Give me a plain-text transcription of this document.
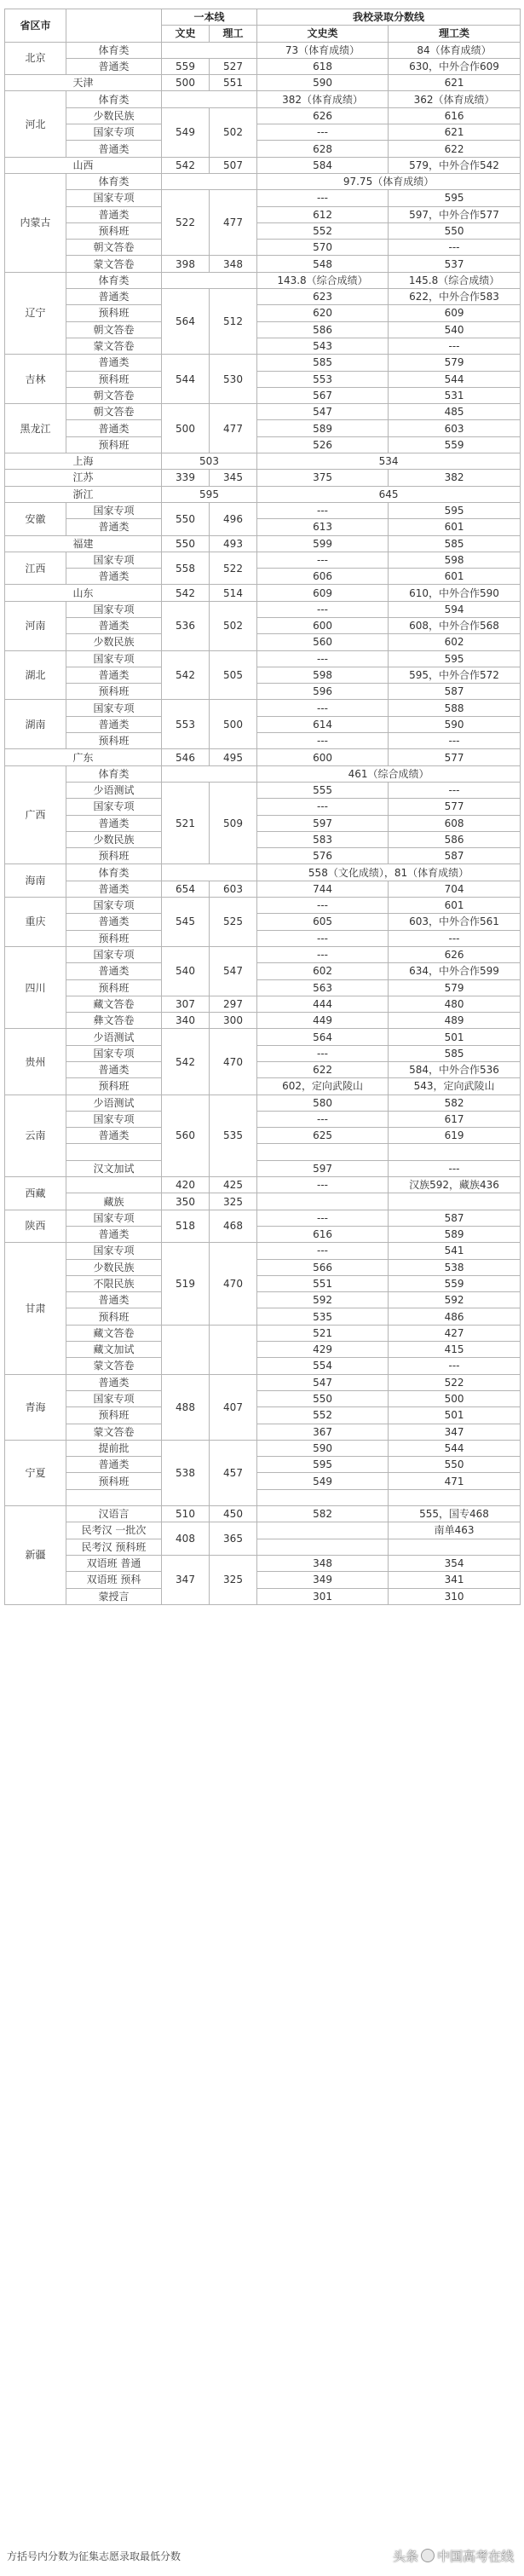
省区市		一本线		我校录取分数线	
		文史	理工	文史类	理工类
北京	体育类			73（体育成绩）	84（体育成绩）
	普通类	559	527	618	630，中外合作609
天津		500	551	590	621
河北	体育类			382（体育成绩）	362（体育成绩）
	少数民族	549	502	626	616
	国家专项			---	621
	普通类			628	622
山西		542	507	584	579，中外合作542
内蒙古	体育类			97.75（体育成绩）	
	国家专项	522	477	---	595
	普通类			612	597，中外合作577
	预科班			552	550
	朝文答卷			570	---
	蒙文答卷	398	348	548	537
辽宁	体育类			143.8（综合成绩）	145.8（综合成绩）
	普通类	564	512	623	622，中外合作583
	预科班			620	609
	朝文答卷			586	540
	蒙文答卷			543	---
吉林	普通类	544	530	585	579
	预科班			553	544
	朝文答卷			567	531
黑龙江	朝文答卷	500	477	547	485
	普通类			589	603
	预科班			526	559
上海		503		534	
江苏		339	345	375	382
浙江		595		645	
安徽	国家专项	550	496	---	595
	普通类			613	601
福建		550	493	599	585
江西	国家专项	558	522	---	598
	普通类			606	601
山东		542	514	609	610，中外合作590
河南	国家专项	536	502	---	594
	普通类			600	608，中外合作568
	少数民族			560	602
湖北	国家专项	542	505	---	595
	普通类			598	595，中外合作572
	预科班			596	587
湖南	国家专项	553	500	---	588
	普通类			614	590
	预科班			---	---
广东		546	495	600	577
广西	体育类			461（综合成绩）	
	少语测试	521	509	555	---
	国家专项			---	577
	普通类			597	608
	少数民族			583	586
	预科班			576	587
海南	体育类			558（文化成绩），81（体育成绩）	
	普通类	654	603	744	704
重庆	国家专项	545	525	---	601
	普通类			605	603，中外合作561
	预科班			---	---
四川	国家专项	540	547	---	626
	普通类			602	634，中外合作599
	预科班			563	579
	藏文答卷	307	297	444	480
	彝文答卷	340	300	449	489
贵州	少语测试	542	470	564	501
	国家专项			---	585
	普通类			622	584，中外合作536
	预科班			602，定向武陵山	543，定向武陵山

云南	少语测试	560	535	580	582
	国家专项			---	617
	普通类			625	619

	汉文加试			597	---
西藏		420	425	---	汉族592，藏族436

	藏族	350	325		
陕西	国家专项	518	468	---	587
	普通类			616	589
甘肃	国家专项	519	470	---	541
	少数民族			566	538
	不限民族			551	559
	普通类			592	592
	预科班			535	486
	藏文答卷			521	427
	藏文加试			429	415
	蒙文答卷			554	---
青海	普通类	488	407	547	522
	国家专项			550	500
	预科班			552	501
	蒙文答卷			367	347
宁夏	提前批	538	457	590	544
	普通类			595	550
	预科班			549	471

新疆	汉语言	510	450	582	555，国专468
	民考汉 一批次	408	365		南单463
	民考汉 预科班				
	双语班 普通	347	325	348	354
	双语班 预科			349	341
	蒙授言			301	310
方括号内分数为征集志愿录取最低分数	头条 中国高考在线
